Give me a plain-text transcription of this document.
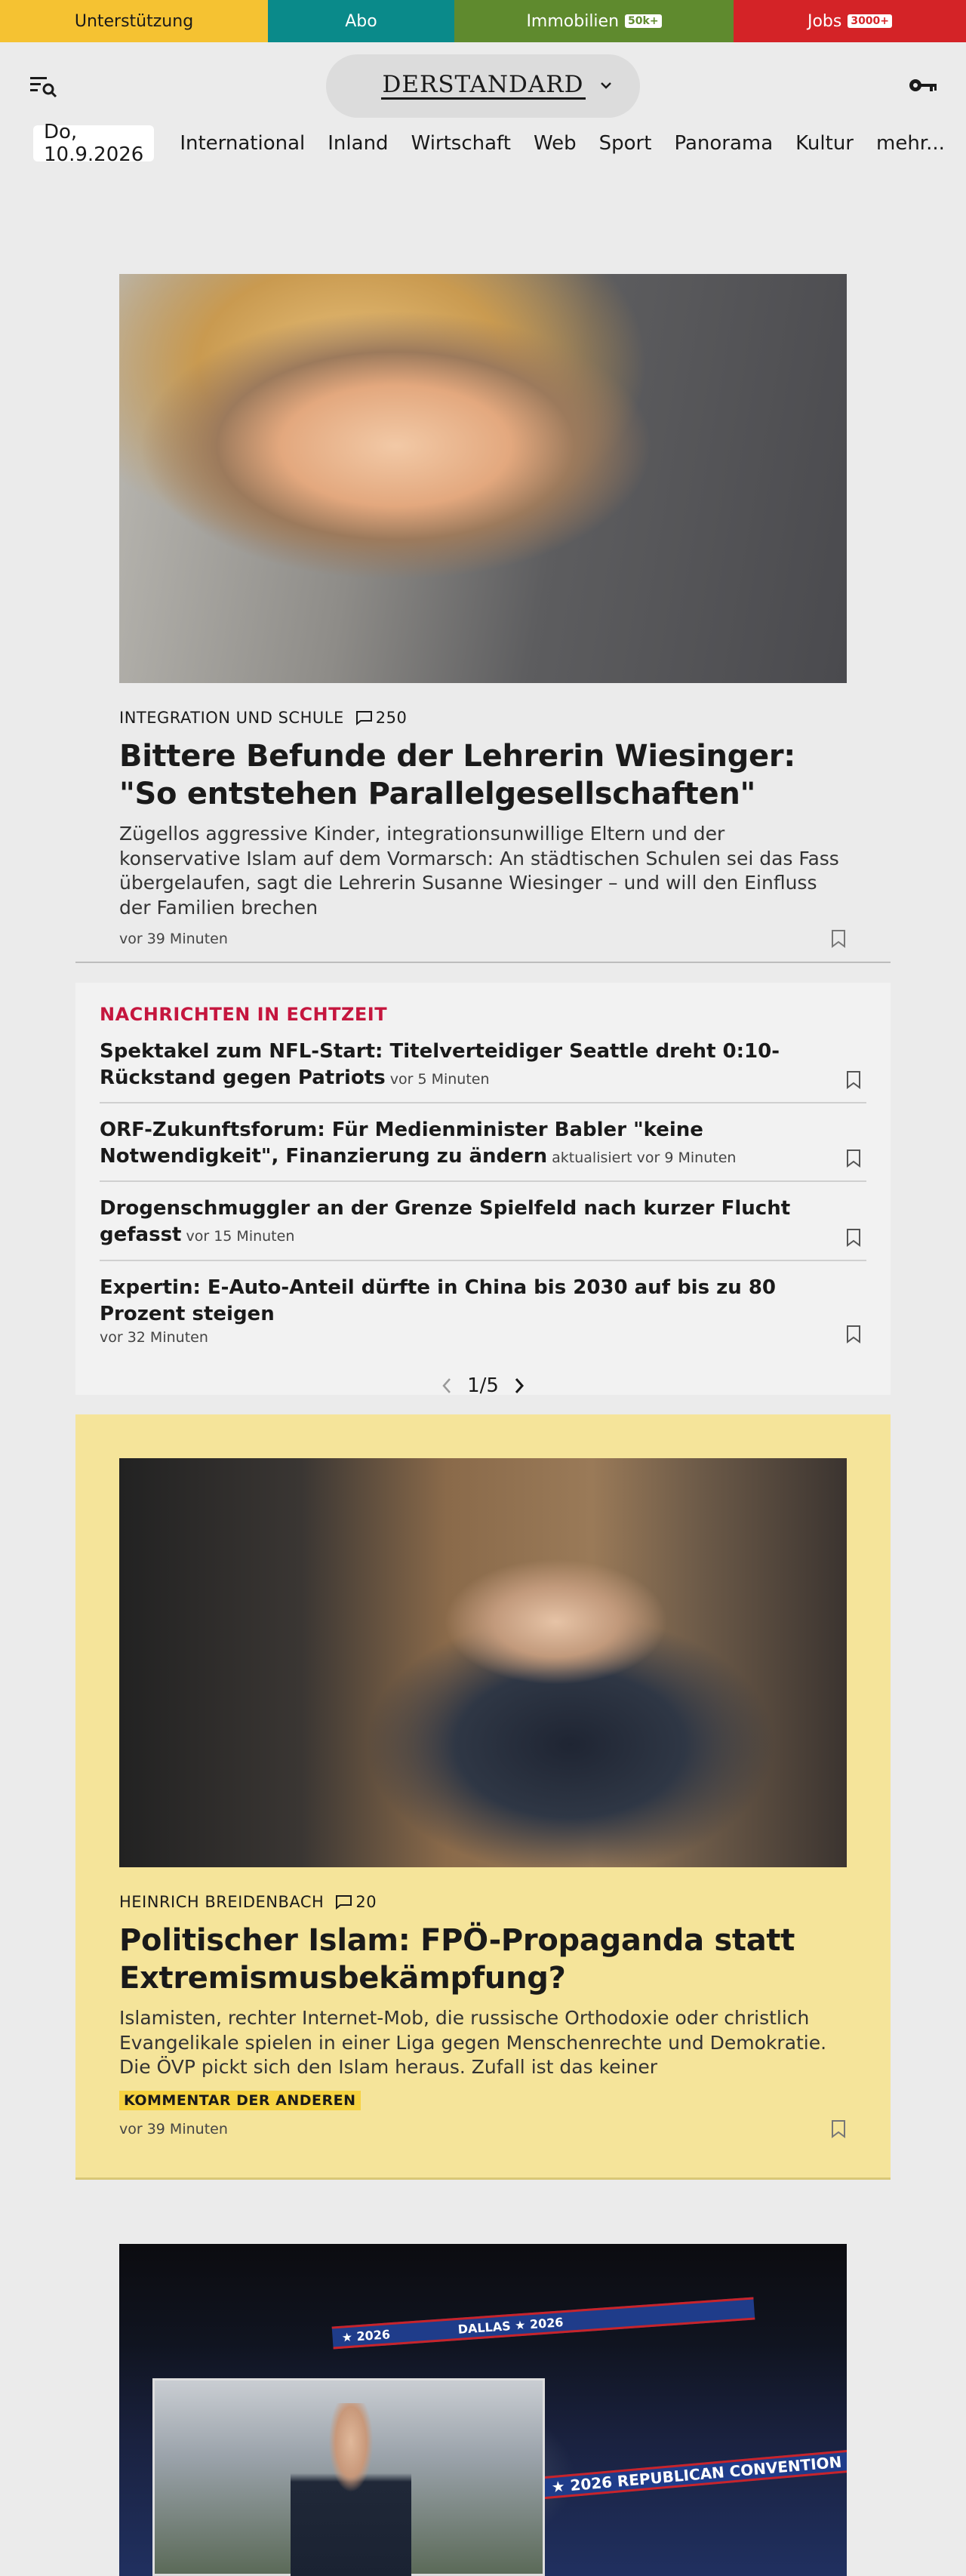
Unterstützung	Abo	Immobilien 50k+	Jobs 3000+
DERSTANDARD
Do, 10.9.2026	International Inland Wirtschaft Web Sport Panorama Kultur mehr...
INTEGRATION UND SCHULE 250
Bittere Befunde der Lehrerin Wiesinger: "So entstehen Parallelgesellschaften"
Zügellos aggressive Kinder, integrationsunwillige Eltern und der konservative Islam auf dem Vormarsch: An städtischen Schulen sei das Fass übergelaufen, sagt die Lehrerin Susanne Wiesinger – und will den Einfluss der Familien brechen
vor 39 Minuten
NACHRICHTEN IN ECHTZEIT
Spektakel zum NFL-Start: Titelverteidiger Seattle dreht 0:10-Rückstand gegen Patriots vor 5 Minuten
ORF-Zukunftsforum: Für Medienminister Babler "keine Notwendigkeit", Finanzierung zu ändern aktualisiert vor 9 Minuten
Drogenschmuggler an der Grenze Spielfeld nach kurzer Flucht gefasst vor 15 Minuten
Expertin: E-Auto-Anteil dürfte in China bis 2030 auf bis zu 80 Prozent steigen
vor 32 Minuten
1/5
HEINRICH BREIDENBACH 20
Politischer Islam: FPÖ-Propaganda statt Extremismusbekämpfung?
Islamisten, rechter Internet-Mob, die russische Orthodoxie oder christlich Evangelikale spielen in einer Liga gegen Menschenrechte und Demokratie. Die ÖVP pickt sich den Islam heraus. Zufall ist das keiner
KOMMENTAR DER ANDEREN
vor 39 Minuten
★ 2026	DALLAS ★ 2026
★ 2026 REPUBLICAN CONVENTION
